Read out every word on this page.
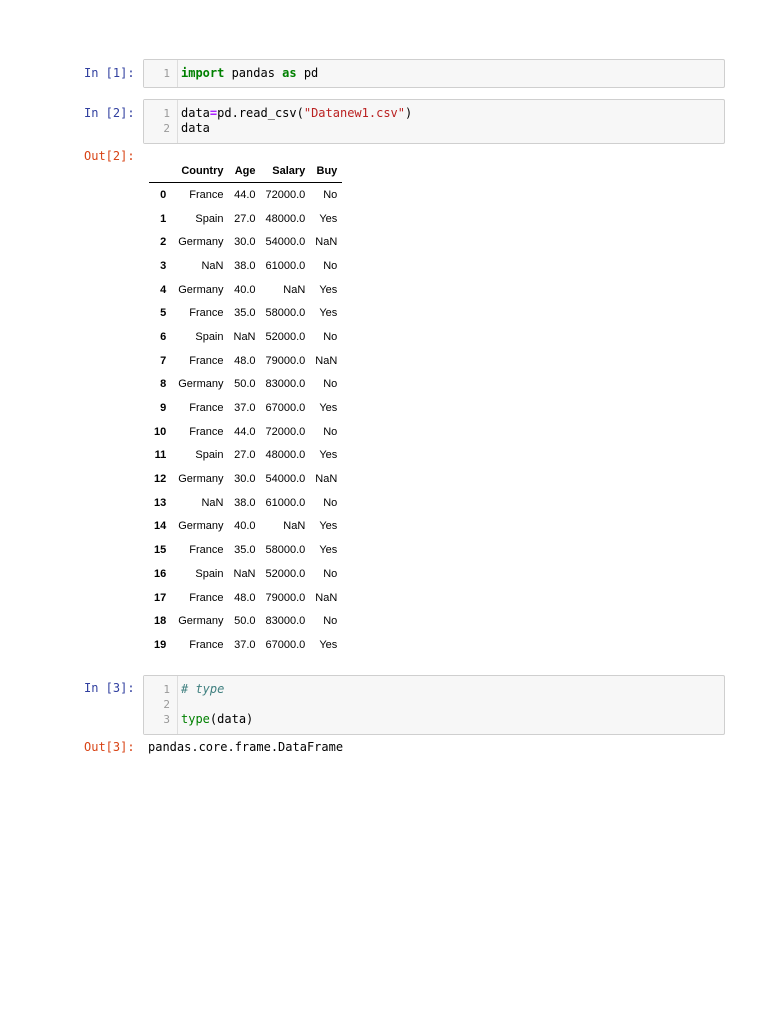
In [1]:	1 import pandas as pd
In [2]:	1 data=pd.read_csv("Datanew1.csv")
2 data
Out[2]:
	Country	Age	Salary	Buy
0	France	44.0	72000.0	No
1	Spain	27.0	48000.0	Yes
2	Germany	30.0	54000.0	NaN
3	NaN	38.0	61000.0	No
4	Germany	40.0	NaN	Yes
5	France	35.0	58000.0	Yes
6	Spain	NaN	52000.0	No
7	France	48.0	79000.0	NaN
8	Germany	50.0	83000.0	No
9	France	37.0	67000.0	Yes
10	France	44.0	72000.0	No
11	Spain	27.0	48000.0	Yes
12	Germany	30.0	54000.0	NaN
13	NaN	38.0	61000.0	No
14	Germany	40.0	NaN	Yes
15	France	35.0	58000.0	Yes
16	Spain	NaN	52000.0	No
17	France	48.0	79000.0	NaN
18	Germany	50.0	83000.0	No
19	France	37.0	67000.0	Yes
In [3]:	1 # type
2
3 type(data)
Out[3]:	pandas.core.frame.DataFrame
